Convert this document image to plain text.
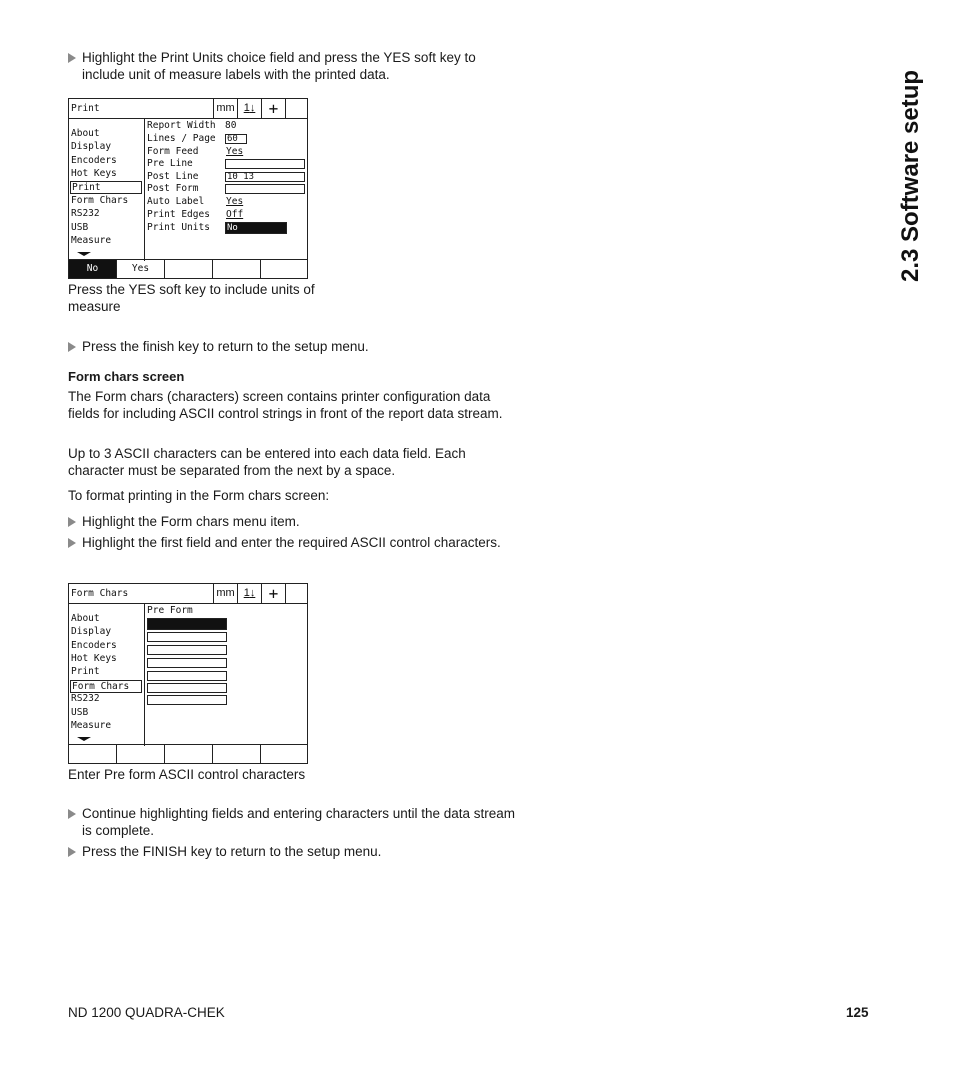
2.3 Software setup
Highlight the Print Units choice field and press the YES soft key to include unit of measure labels with the printed data.
Print	mm 1↓ +
About
Display
Encoders
Hot Keys
Print
Form Chars
RS232
USB
Measure
Report Width 80
Lines / Page 60
Form Feed	Yes
Pre Line
Post Line	10 13
Post Form
Auto Label Yes
Print Edges Off
Print Units No
No	Yes
Press the YES soft key to include units of measure
Press the finish key to return to the setup menu.
Form chars screen
The Form chars (characters) screen contains printer configuration data fields for including ASCII control strings in front of the report data stream.
Up to 3 ASCII characters can be entered into each data field. Each character must be separated from the next by a space.
To format printing in the Form chars screen:
Highlight the Form chars menu item.
Highlight the first field and enter the required ASCII control characters.
Form Chars	mm 1↓ +
About
Display
Encoders
Hot Keys
Print
Form Chars
RS232
USB
Measure
Pre Form
Enter Pre form ASCII control characters
Continue highlighting fields and entering characters until the data stream is complete.
Press the FINISH key to return to the setup menu.
ND 1200 QUADRA-CHEK	125
